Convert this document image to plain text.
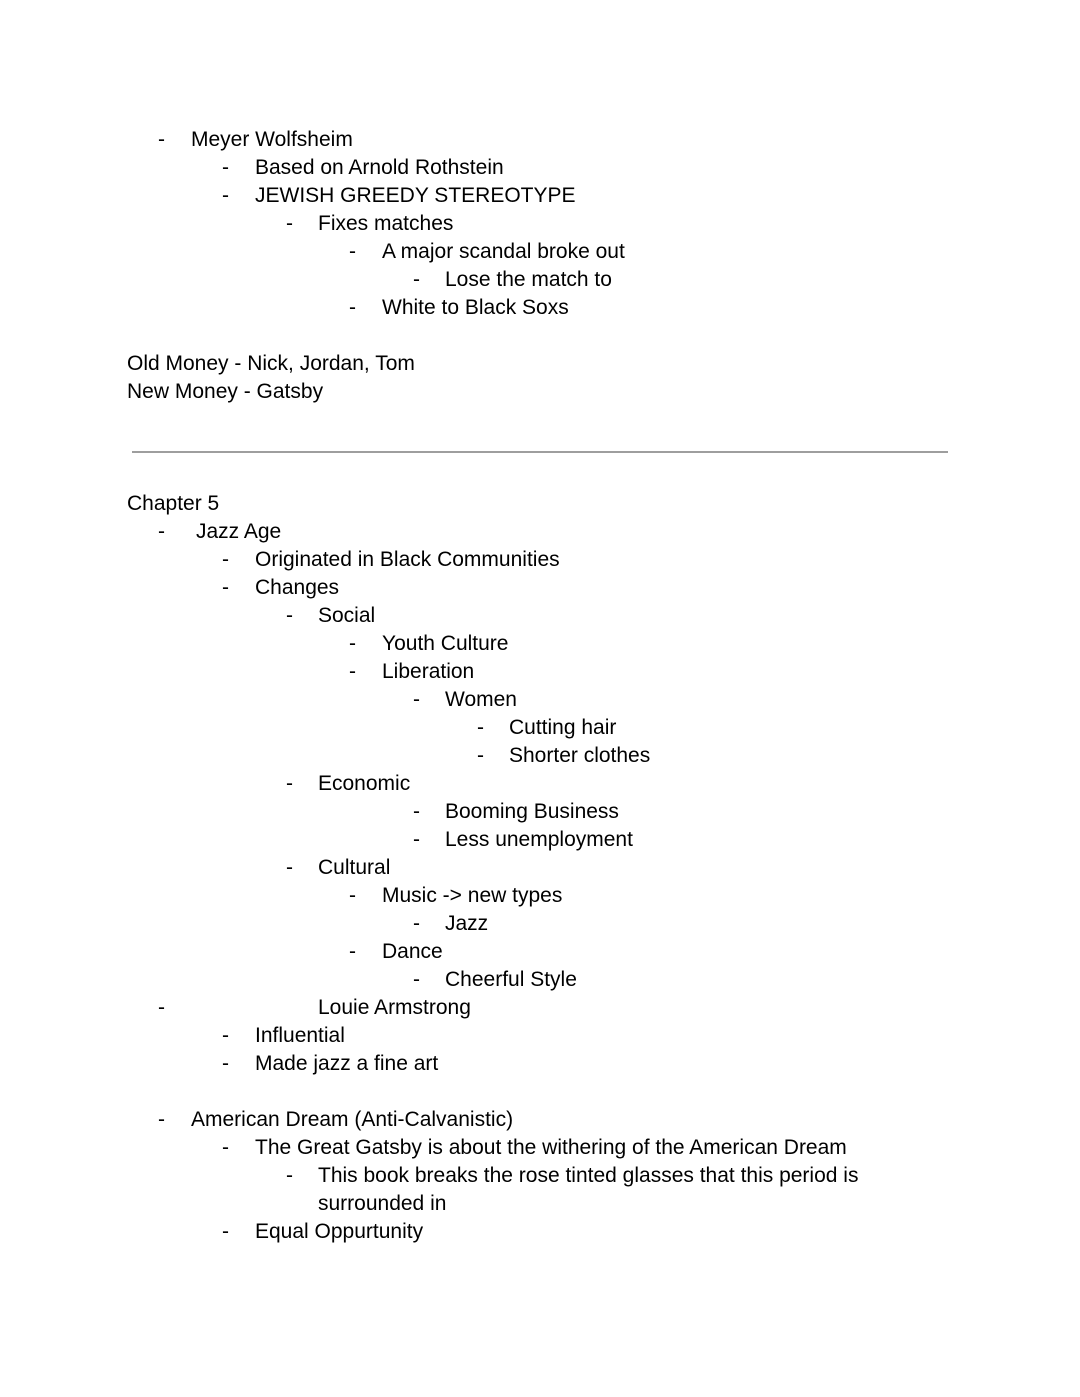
- Meyer Wolfsheim
- Based on Arnold Rothstein
- JEWISH GREEDY STEREOTYPE
- Fixes matches
- A major scandal broke out
- Lose the match to
- White to Black Soxs
Old Money - Nick, Jordan, Tom
New Money - Gatsby
Chapter 5
- Jazz Age
- Originated in Black Communities
- Changes
- Social
- Youth Culture
- Liberation
- Women
- Cutting hair
- Shorter clothes
- Economic
- Booming Business
- Less unemployment
- Cultural
- Music -> new types
- Jazz
- Dance
- Cheerful Style
-	Louie Armstrong
- Influential
- Made jazz a fine art
- American Dream (Anti-Calvanistic)
- The Great Gatsby is about the withering of the American Dream
- This book breaks the rose tinted glasses that this period is
surrounded in
- Equal Oppurtunity
